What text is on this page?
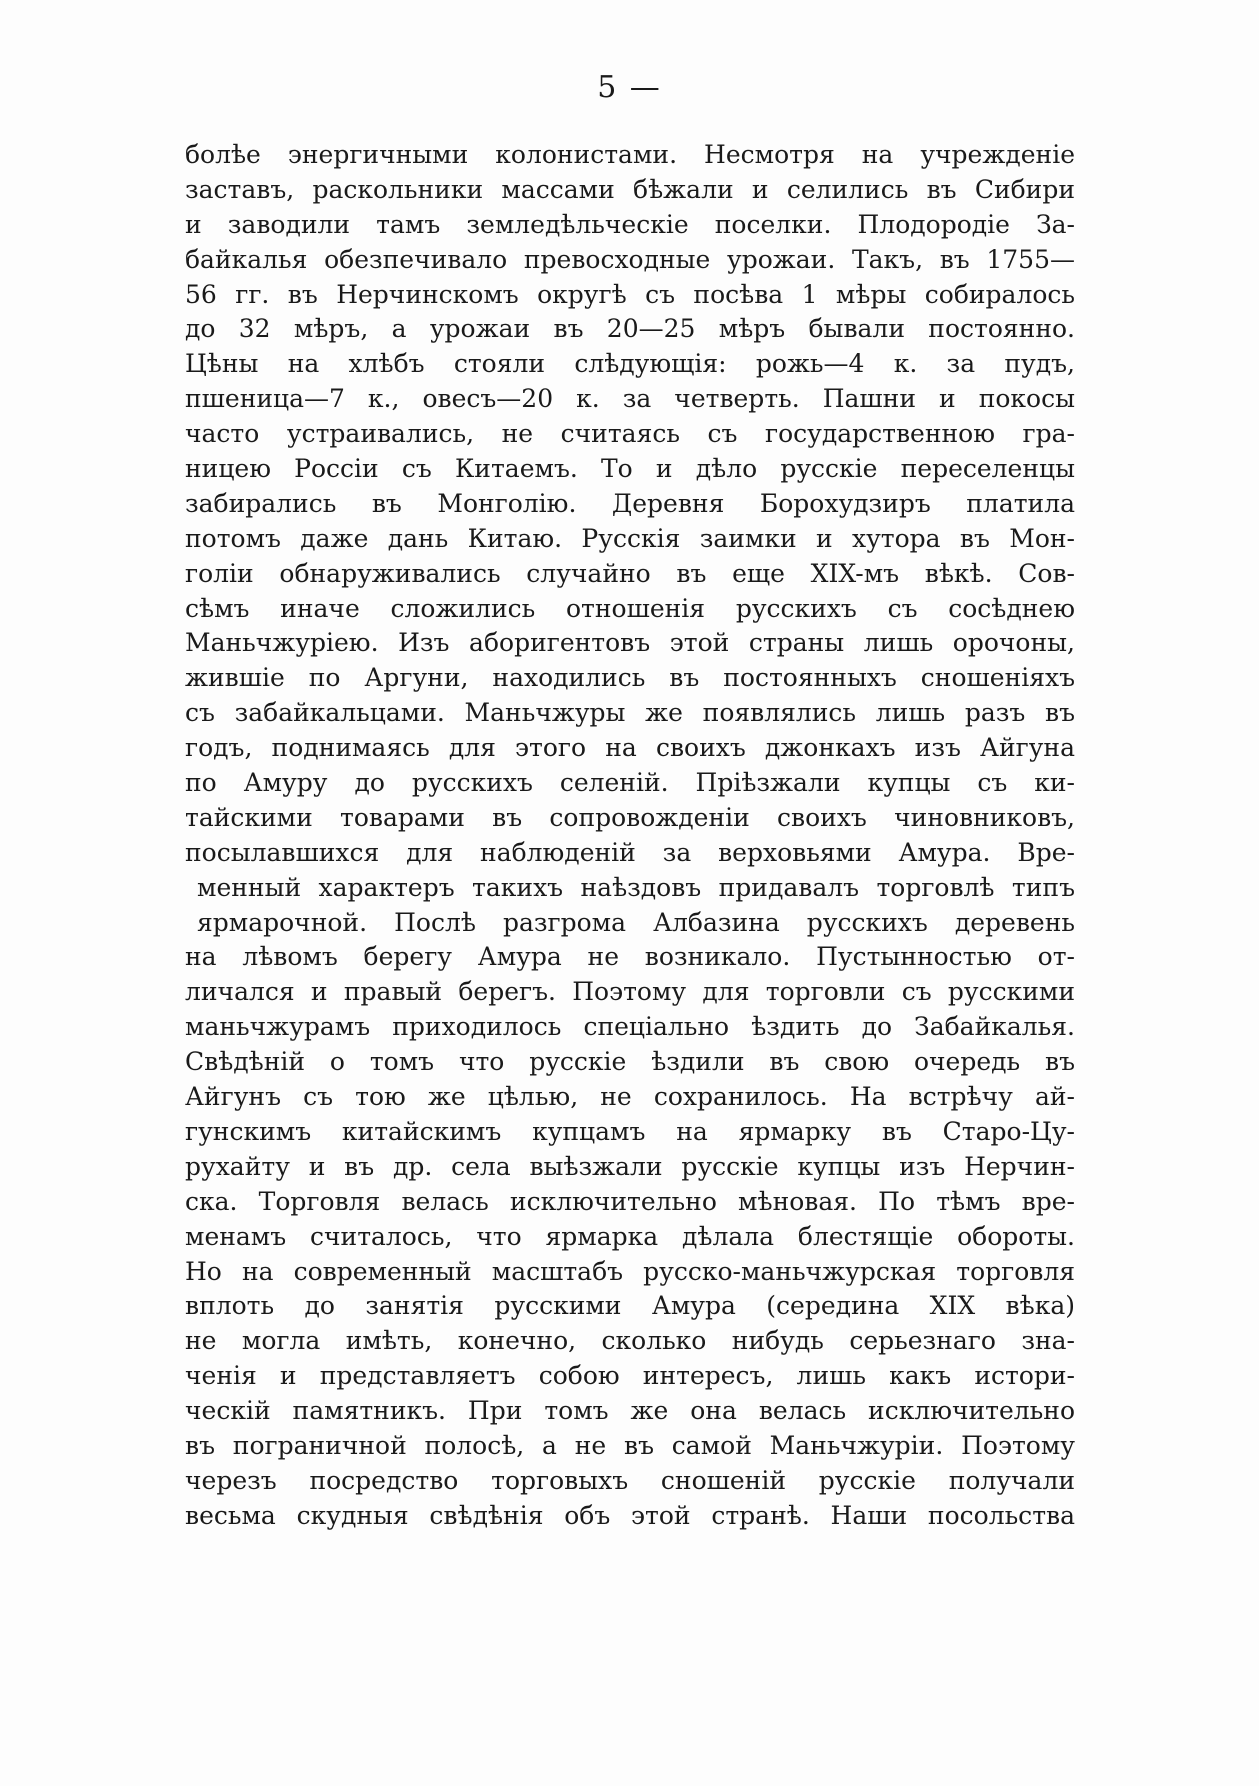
5 —
болѣе энергичными колонистами. Несмотря на учрежденіе
заставъ, раскольники массами бѣжали и селились въ Сибири
и заводили тамъ земледѣльческіе поселки. Плодородіе За-
байкалья обезпечивало превосходные урожаи. Такъ, въ 1755—
56 гг. въ Нерчинскомъ округѣ съ посѣва 1 мѣры собиралось
до 32 мѣръ, а урожаи въ 20—25 мѣръ бывали постоянно.
Цѣны на хлѣбъ стояли слѣдующія: рожь—4 к. за пудъ,
пшеница—7 к., овесъ—20 к. за четверть. Пашни и покосы
часто устраивались, не считаясь съ государственною гра-
ницею Россіи съ Китаемъ. То и дѣло русскіе переселенцы
забирались въ Монголію. Деревня Борохудзиръ платила
потомъ даже дань Китаю. Русскія заимки и хутора въ Мон-
голіи обнаруживались случайно въ еще XIX-мъ вѣкѣ. Сов-
сѣмъ иначе сложились отношенія русскихъ съ сосѣднею
Маньчжуріею. Изъ аборигентовъ этой страны лишь орочоны,
жившіе по Аргуни, находились въ постоянныхъ сношеніяхъ
съ забайкальцами. Маньчжуры же появлялись лишь разъ въ
годъ, поднимаясь для этого на своихъ джонкахъ изъ Айгуна
по Амуру до русскихъ селеній. Пріѣзжали купцы съ ки-
тайскими товарами въ сопровожденіи своихъ чиновниковъ,
посылавшихся для наблюденій за верховьями Амура. Вре-
менный характеръ такихъ наѣздовъ придавалъ торговлѣ типъ
ярмарочной. Послѣ разгрома Албазина русскихъ деревень
на лѣвомъ берегу Амура не возникало. Пустынностью от-
личался и правый берегъ. Поэтому для торговли съ русскими
маньчжурамъ приходилось спеціально ѣздить до Забайкалья.
Свѣдѣній о томъ что русскіе ѣздили въ свою очередь въ
Айгунъ съ тою же цѣлью, не сохранилось. На встрѣчу ай-
гунскимъ китайскимъ купцамъ на ярмарку въ Старо-Цу-
рухайту и въ др. села выѣзжали русскіе купцы изъ Нерчин-
ска. Торговля велась исключительно мѣновая. По тѣмъ вре-
менамъ считалось, что ярмарка дѣлала блестящіе обороты.
Но на современный масштабъ русско-маньчжурская торговля
вплоть до занятія русскими Амура (середина XIX вѣка)
не могла имѣть, конечно, сколько нибудь серьезнаго зна-
ченія и представляетъ собою интересъ, лишь какъ истори-
ческій памятникъ. При томъ же она велась исключительно
въ пограничной полосѣ, а не въ самой Маньчжуріи. Поэтому
черезъ посредство торговыхъ сношеній русскіе получали
весьма скудныя свѣдѣнія объ этой странѣ. Наши посольства
